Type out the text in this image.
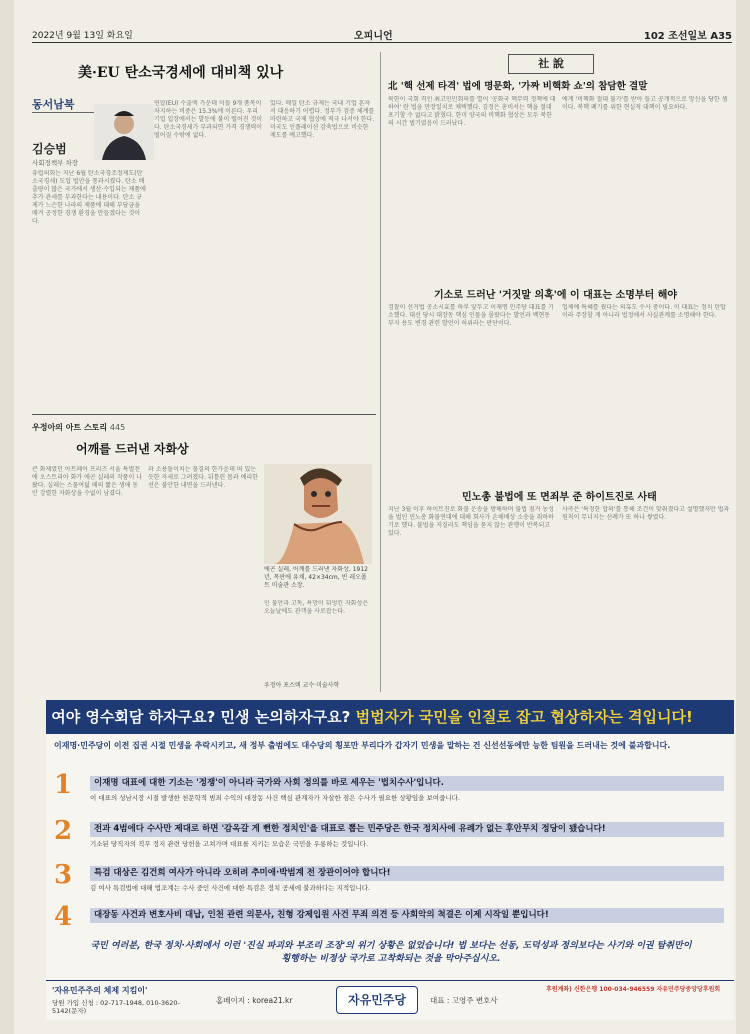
2022년 9월 13일 화요일	오피니언	102 조선일보 A35
美·EU 탄소국경세에 대비책 있나
동서남북
김승범
사회정책부 차장
유럽의회는 지난 6월 탄소국경조정제도(탄소국경세) 도입 법안을 통과시켰다. 탄소 배출량이 많은 국가에서 생산·수입되는 제품에 추가 관세를 부과한다는 내용이다. 탄소 규제가 느슨한 나라의 제품에 대해 부담금을 매겨 공정한 경쟁 환경을 만들겠다는 것이다.
연합(EU) 수출액 가운데 이들 9개 품목이 차지하는 비중은 15.3%에 이른다. 우리 기업 입장에서는 발등에 불이 떨어진 것이다. 탄소국경세가 부과되면 가격 경쟁력이 떨어질 수밖에 없다.
있다. 매일 탄소 규제는 국내 기업 혼자서 대응하기 어렵다. 정부가 검증 체계를 마련하고 국제 협상에 적극 나서야 한다. 미국도 인플레이션 감축법으로 비슷한 제도를 예고했다.
우정아의 아트 스토리 445
어깨를 드러낸 자화상
큰 화제였던 아트페어 프리즈 서울 특별전에 오스트리아 화가 에곤 실레의 작품이 나왔다. 실레는 스물여덟 해의 짧은 생애 동안 강렬한 자화상을 수없이 남겼다.
과 소용돌이치는 물결의 한가운데 떠 있는 듯한 자세로 그려졌다. 뒤틀린 몸과 예리한 선은 불안한 내면을 드러낸다.
에곤 실레, 어깨를 드러낸 자화상, 1912년, 목판에 유채, 42×34cm, 빈 레오폴트 미술관 소장.
인 불안과 고독, 욕망이 뒤엉킨 자화상은 오늘날에도 관객을 사로잡는다.
우정아 포스텍 교수·미술사학
社 說
北 '핵 선제 타격' 법에 명문화, '가짜 비핵화 쇼'의 참담한 결말
북한이 국회 격인 최고인민회의를 열어 '공화국 핵무력 정책에 대하여' 란 법을 만장일치로 채택했다. 김정은 총비서는 핵을 절대 포기할 수 없다고 밝혔다. 한미 양국의 비핵화 협상은 모두 북한의 시간 벌기였음이 드러났다.
에게 '비핵화 절대 불가'를 받아 들고 공개적으로 망신을 당한 셈이다. 북핵 폐기를 위한 현실적 대책이 필요하다.
기소로 드러난 '거짓말 의혹'에 이 대표는 소명부터 해야
검찰이 선거법 공소시효를 하루 앞두고 이재명 민주당 대표를 기소했다. 대선 당시 대장동 핵심 인물을 몰랐다는 발언과 백현동 부지 용도 변경 관련 발언이 허위라는 판단이다.
업체에 특혜를 줬다는 의혹도 수사 중이다. 이 대표는 정치 탄압이라 주장할 게 아니라 법정에서 사실관계를 소명해야 한다.
민노총 불법에 또 면죄부 준 하이트진로 사태
지난 3월 이후 하이트진로 화물 운송을 방해하며 불법 점거 농성을 벌인 민노총 화물연대에 대해 회사가 손해배상 소송을 취하하기로 했다. 불법을 저질러도 책임을 묻지 않는 관행이 반복되고 있다.
사측은 '특정한 합의'를 통해 조건이 맞춰졌다고 설명했지만 법과 원칙이 무너지는 선례가 또 하나 쌓였다.
여야 영수회담 하자구요? 민생 논의하자구요? 범법자가 국민을 인질로 잡고 협상하자는 격입니다!
이재명·민주당이 이전 집권 시절 민생을 추락시키고, 새 정부 출범에도 대수당의 횡포만 부리다가 갑자기 민생을 말하는 건 신선선동에만 능한 팀원을 드러내는 것에 불과합니다.
1	이재명 대표에 대한 기소는 '정쟁'이 아니라 국가와 사회 정의를 바로 세우는 '법치수사'입니다.
이 대표의 성남시장 시절 발생한 천문학적 범죄 수익의 대장동 사건 핵심 관계자가 자살한 점은 수사가 필요한 상황임을 보여줍니다.
2	전과 4범에다 수사만 제대로 하면 '감옥갈 게 뻔한 정치인'을 대표로 뽑는 민주당은 한국 정치사에 유례가 없는 후안무치 정당이 됐습니다!
기소된 당직자의 직무 정지 관련 당헌을 고쳐가며 대표를 지키는 모습은 국민을 우롱하는 것입니다.
3	특검 대상은 김건희 여사가 아니라 오히려 추미애·박범계 전 장관이어야 합니다!
김 여사 특검법에 대해 법조계는 수사 중인 사건에 대한 특검은 정치 공세에 불과하다는 지적입니다.
4	대장동 사건과 변호사비 대납, 인천 관련 의문사, 친형 강제입원 사건 무죄 의견 등 사회악의 척결은 이제 시작일 뿐입니다!
국민 여러분, 한국 정치·사회에서 이런 '진실 파괴와 부조리 조장'의 위기 상황은 없었습니다! 법 보다는 선동, 도덕성과 정의보다는 사기와 이권 탐취만이 횡행하는 비정상 국가로 고착화되는 것을 막아주십시오.
'자유민주주의 체제 지킴이'
당원 가입 신청 : 02-717-1948, 010-3620-5142(문자)
홈페이지 : korea21.kr	자유민주당	대표 : 고영주 변호사
후원계좌) 신한은행 100-034-946559 자유민주당중앙당후원회
